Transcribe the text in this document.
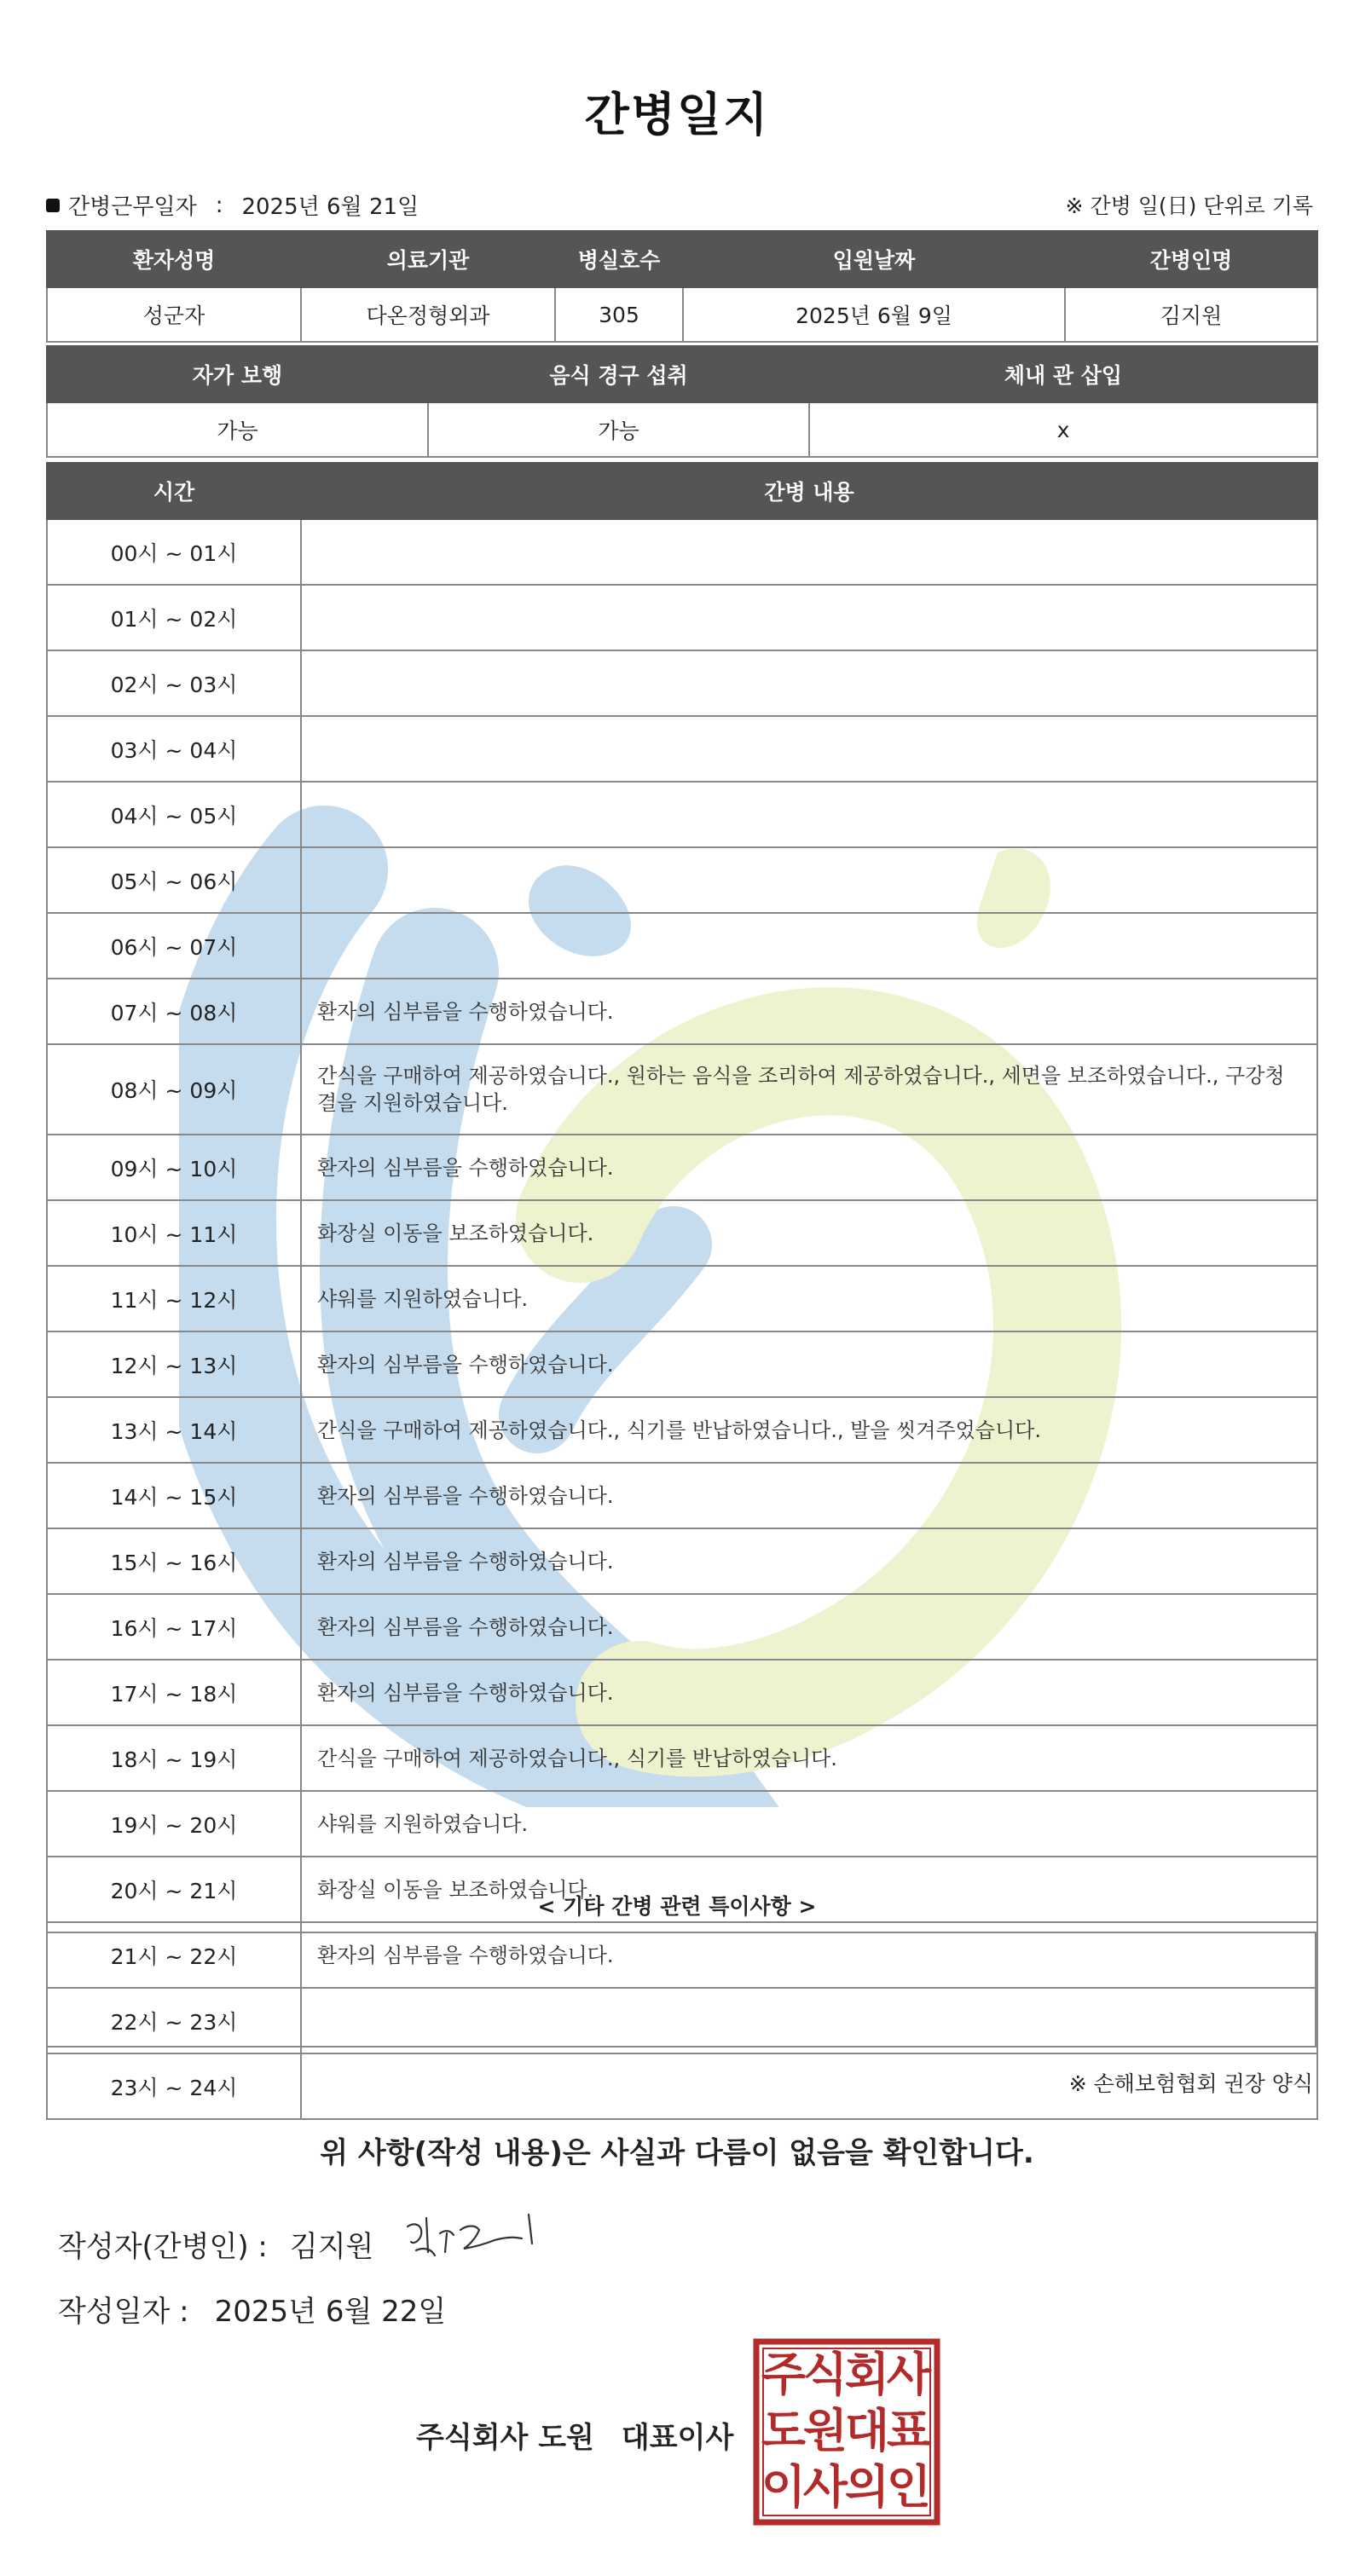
간병일지
간병근무일자 : 2025년 6월 21일	※ 간병 일(日) 단위로 기록
환자성명	의료기관	병실호수	입원날짜	간병인명
성군자	다온정형외과	305	2025년 6월 9일	김지원
자가 보행	음식 경구 섭취	체내 관 삽입
가능	가능	x
시간	간병 내용
00시 ~ 01시	
01시 ~ 02시	
02시 ~ 03시	
03시 ~ 04시	
04시 ~ 05시	
05시 ~ 06시	
06시 ~ 07시	
07시 ~ 08시	환자의 심부름을 수행하였습니다.
08시 ~ 09시	간식을 구매하여 제공하였습니다., 원하는 음식을 조리하여 제공하였습니다., 세면을 보조하였습니다., 구강청결을 지원하였습니다.
09시 ~ 10시	환자의 심부름을 수행하였습니다.
10시 ~ 11시	화장실 이동을 보조하였습니다.
11시 ~ 12시	샤워를 지원하였습니다.
12시 ~ 13시	환자의 심부름을 수행하였습니다.
13시 ~ 14시	간식을 구매하여 제공하였습니다., 식기를 반납하였습니다., 발을 씻겨주었습니다.
14시 ~ 15시	환자의 심부름을 수행하였습니다.
15시 ~ 16시	환자의 심부름을 수행하였습니다.
16시 ~ 17시	환자의 심부름을 수행하였습니다.
17시 ~ 18시	환자의 심부름을 수행하였습니다.
18시 ~ 19시	간식을 구매하여 제공하였습니다., 식기를 반납하였습니다.
19시 ~ 20시	샤워를 지원하였습니다.
20시 ~ 21시	화장실 이동을 보조하였습니다.
21시 ~ 22시	환자의 심부름을 수행하였습니다.
22시 ~ 23시	
23시 ~ 24시	
< 기타 간병 관련 특이사항 >
※ 손해보험협회 권장 양식
위 사항(작성 내용)은 사실과 다름이 없음을 확인합니다.
작성자(간병인) : 김지원
작성일자 : 2025년 6월 22일
주식회사 도원 대표이사
주
식
회
사
도
원
대
표
이
사
의
인
